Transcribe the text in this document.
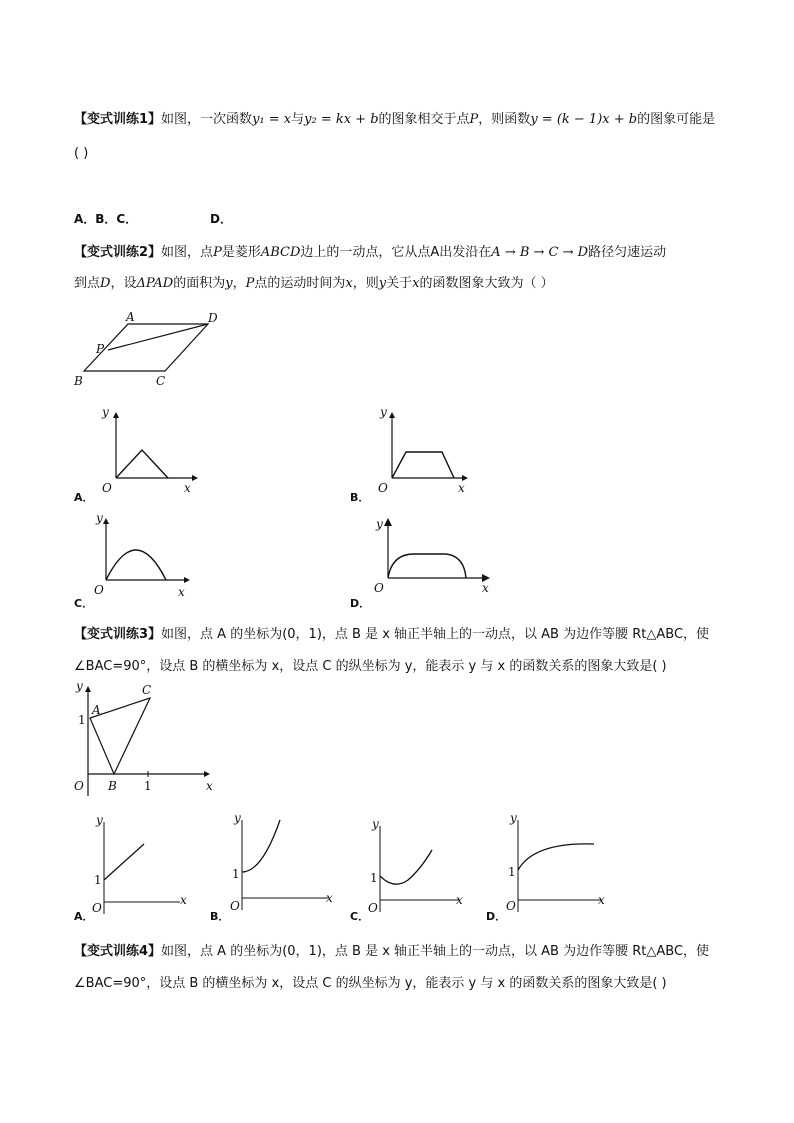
【变式训练1】如图，一次函数y₁ = x与y₂ = kx + b的图象相交于点P，则函数y = (k − 1)x + b的图象可能是
( )
A．B．C．	D．
【变式训练2】如图，点P是菱形ABCD边上的一动点，它从点A出发沿在A → B → C → D路径匀速运动
到点D，设ΔPAD的面积为y，P点的运动时间为x，则y关于x的函数图象大致为（ ）
A	D
P
B	C
A．
y
x
O
B．
y
x
O
C．
y
x
O
D．
y
x
O
【变式训练3】如图，点 A 的坐标为(0，1)，点 B 是 x 轴正半轴上的一动点，以 AB 为边作等腰 Rt△ABC，使
∠BAC=90°，设点 B 的横坐标为 x，设点 C 的纵坐标为 y，能表示 y 与 x 的函数关系的图象大致是( )
y
x
O
A
C
B
1
1
A．
y
x
O
1
B．
y
x
O
1
C．
y
x
O
1
D．
y
x
O
1
【变式训练4】如图，点 A 的坐标为(0，1)，点 B 是 x 轴正半轴上的一动点，以 AB 为边作等腰 Rt△ABC，使
∠BAC=90°，设点 B 的横坐标为 x，设点 C 的纵坐标为 y，能表示 y 与 x 的函数关系的图象大致是( )
